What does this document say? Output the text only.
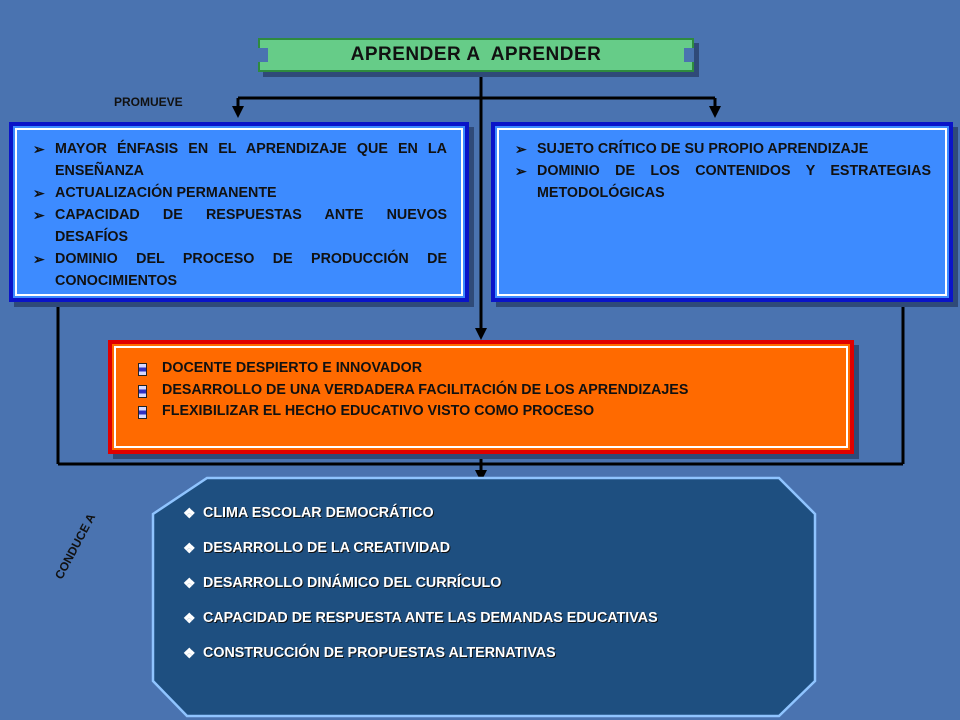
APRENDER A  APRENDER
PROMUEVE
➢ MAYOR ÉNFASIS EN EL APRENDIZAJE QUE EN LA ENSEÑANZA
➢ ACTUALIZACIÓN PERMANENTE
➢ CAPACIDAD DE RESPUESTAS ANTE NUEVOS DESAFÍOS
➢ DOMINIO DEL PROCESO DE PRODUCCIÓN DE CONOCIMIENTOS
➢ SUJETO CRÍTICO DE SU PROPIO APRENDIZAJE
➢ DOMINIO DE LOS CONTENIDOS Y ESTRATEGIAS METODOLÓGICAS
DOCENTE DESPIERTO E INNOVADOR
DESARROLLO DE UNA VERDADERA FACILITACIÓN DE LOS APRENDIZAJES
FLEXIBILIZAR EL HECHO EDUCATIVO VISTO COMO PROCESO
CONDUCE A	❖ CLIMA ESCOLAR DEMOCRÁTICO
❖ DESARROLLO DE LA CREATIVIDAD
❖ DESARROLLO DINÁMICO DEL CURRÍCULO
❖ CAPACIDAD DE RESPUESTA ANTE LAS DEMANDAS EDUCATIVAS
❖ CONSTRUCCIÓN DE PROPUESTAS ALTERNATIVAS
